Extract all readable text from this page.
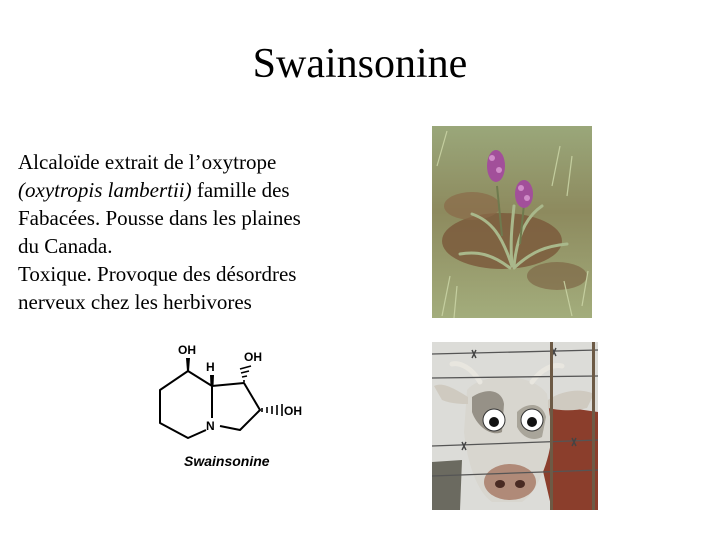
Swainsonine
Alcaloïde extrait de l’oxytrope
(oxytropis lambertii) famille des
Fabacées. Pousse dans les plaines
du Canada.
Toxique. Provoque des désordres
nerveux chez les herbivores
OH
H
OH
OH
N
Swainsonine
